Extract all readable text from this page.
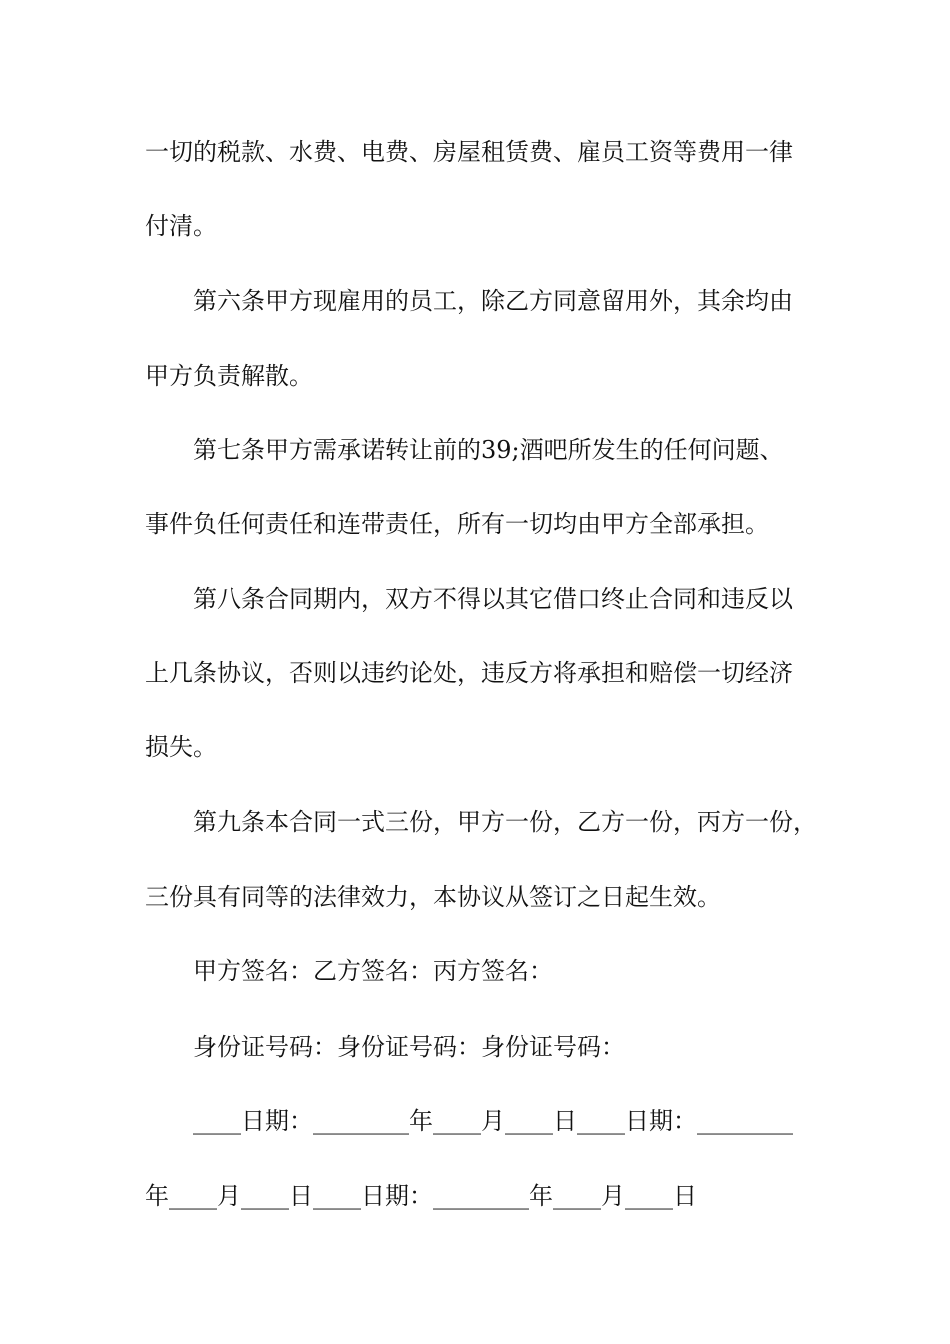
一切的税款、水费、电费、房屋租赁费、雇员工资等费用一律
付清。
第六条甲方现雇用的员工，除乙方同意留用外，其余均由
甲方负责解散。
第七条甲方需承诺转让前的39;酒吧所发生的任何问题、
事件负任何责任和连带责任，所有一切均由甲方全部承担。
第八条合同期内，双方不得以其它借口终止合同和违反以
上几条协议，否则以违约论处，违反方将承担和赔偿一切经济
损失。
第九条本合同一式三份，甲方一份，乙方一份，丙方一份，
三份具有同等的法律效力，本协议从签订之日起生效。
甲方签名：乙方签名：丙方签名：
身份证号码：身份证号码：身份证号码：
____日期：________年____月____日____日期：________
年____月____日____日期：________年____月____日
